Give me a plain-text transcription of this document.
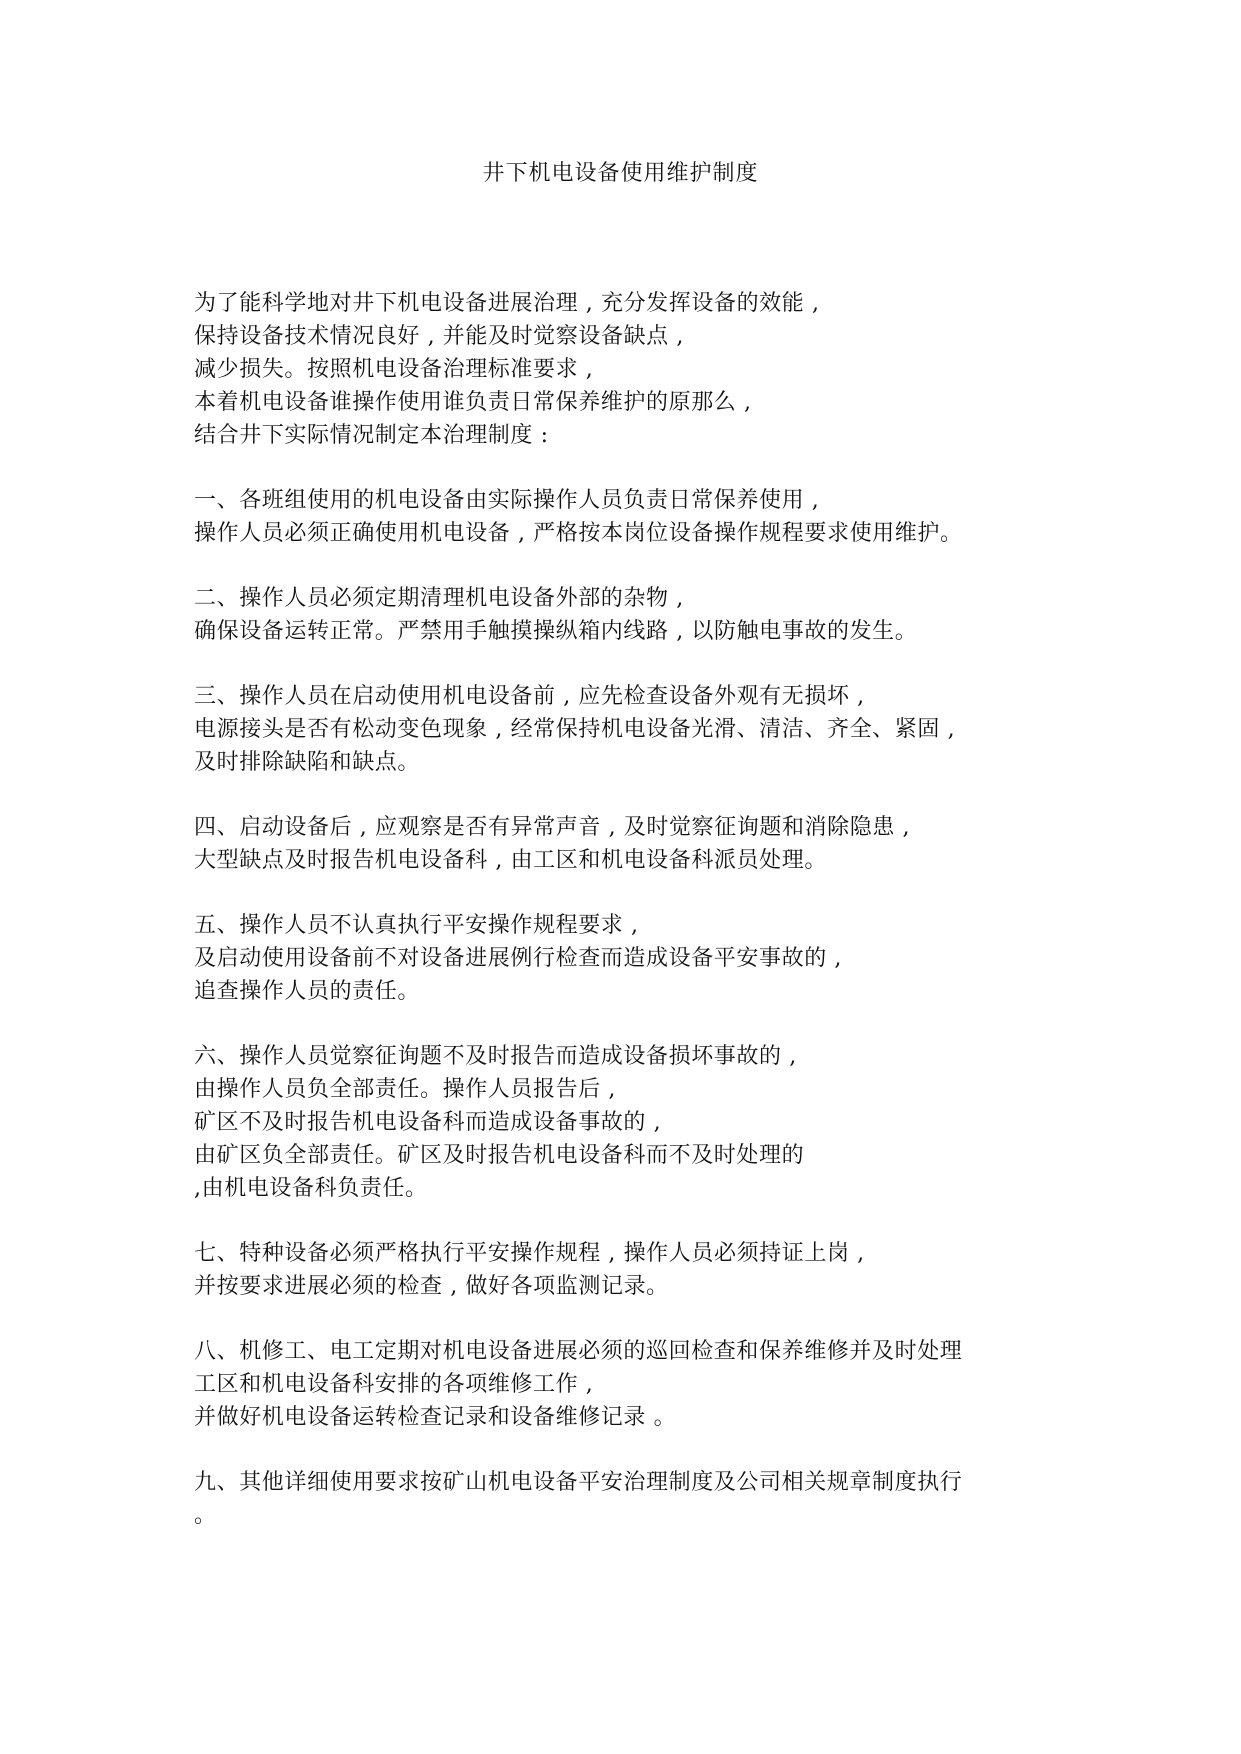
井下机电设备使用维护制度
为了能科学地对井下机电设备进展治理 , 充分发挥设备的效能 ,
保持设备技术情况良好 , 并能及时觉察设备缺点 ,
减少损失。按照机电设备治理标准要求 ,
本着机电设备谁操作使用谁负责日常保养维护的原那么 ,
结合井下实际情况制定本治理制度 :
一、各班组使用的机电设备由实际操作人员负责日常保养使用 ,
操作人员必须正确使用机电设备 , 严格按本岗位设备操作规程要求使用维护。
二、操作人员必须定期清理机电设备外部的杂物 ,
确保设备运转正常。严禁用手触摸操纵箱内线路 , 以防触电事故的发生。
三、操作人员在启动使用机电设备前 , 应先检查设备外观有无损坏 ,
电源接头是否有松动变色现象 , 经常保持机电设备光滑、清洁、齐全、紧固 ,
及时排除缺陷和缺点。
四、启动设备后 , 应观察是否有异常声音 , 及时觉察征询题和消除隐患 ,
大型缺点及时报告机电设备科 , 由工区和机电设备科派员处理。
五、操作人员不认真执行平安操作规程要求 ,
及启动使用设备前不对设备进展例行检查而造成设备平安事故的 ,
追查操作人员的责任。
六、操作人员觉察征询题不及时报告而造成设备损坏事故的 ,
由操作人员负全部责任。操作人员报告后 ,
矿区不及时报告机电设备科而造成设备事故的 ,
由矿区负全部责任。矿区及时报告机电设备科而不及时处理的
,由机电设备科负责任。
七、特种设备必须严格执行平安操作规程 , 操作人员必须持证上岗 ,
并按要求进展必须的检查 , 做好各项监测记录。
八、机修工、电工定期对机电设备进展必须的巡回检查和保养维修并及时处理
工区和机电设备科安排的各项维修工作 ,
并做好机电设备运转检查记录和设备维修记录 。
九、其他详细使用要求按矿山机电设备平安治理制度及公司相关规章制度执行
。
